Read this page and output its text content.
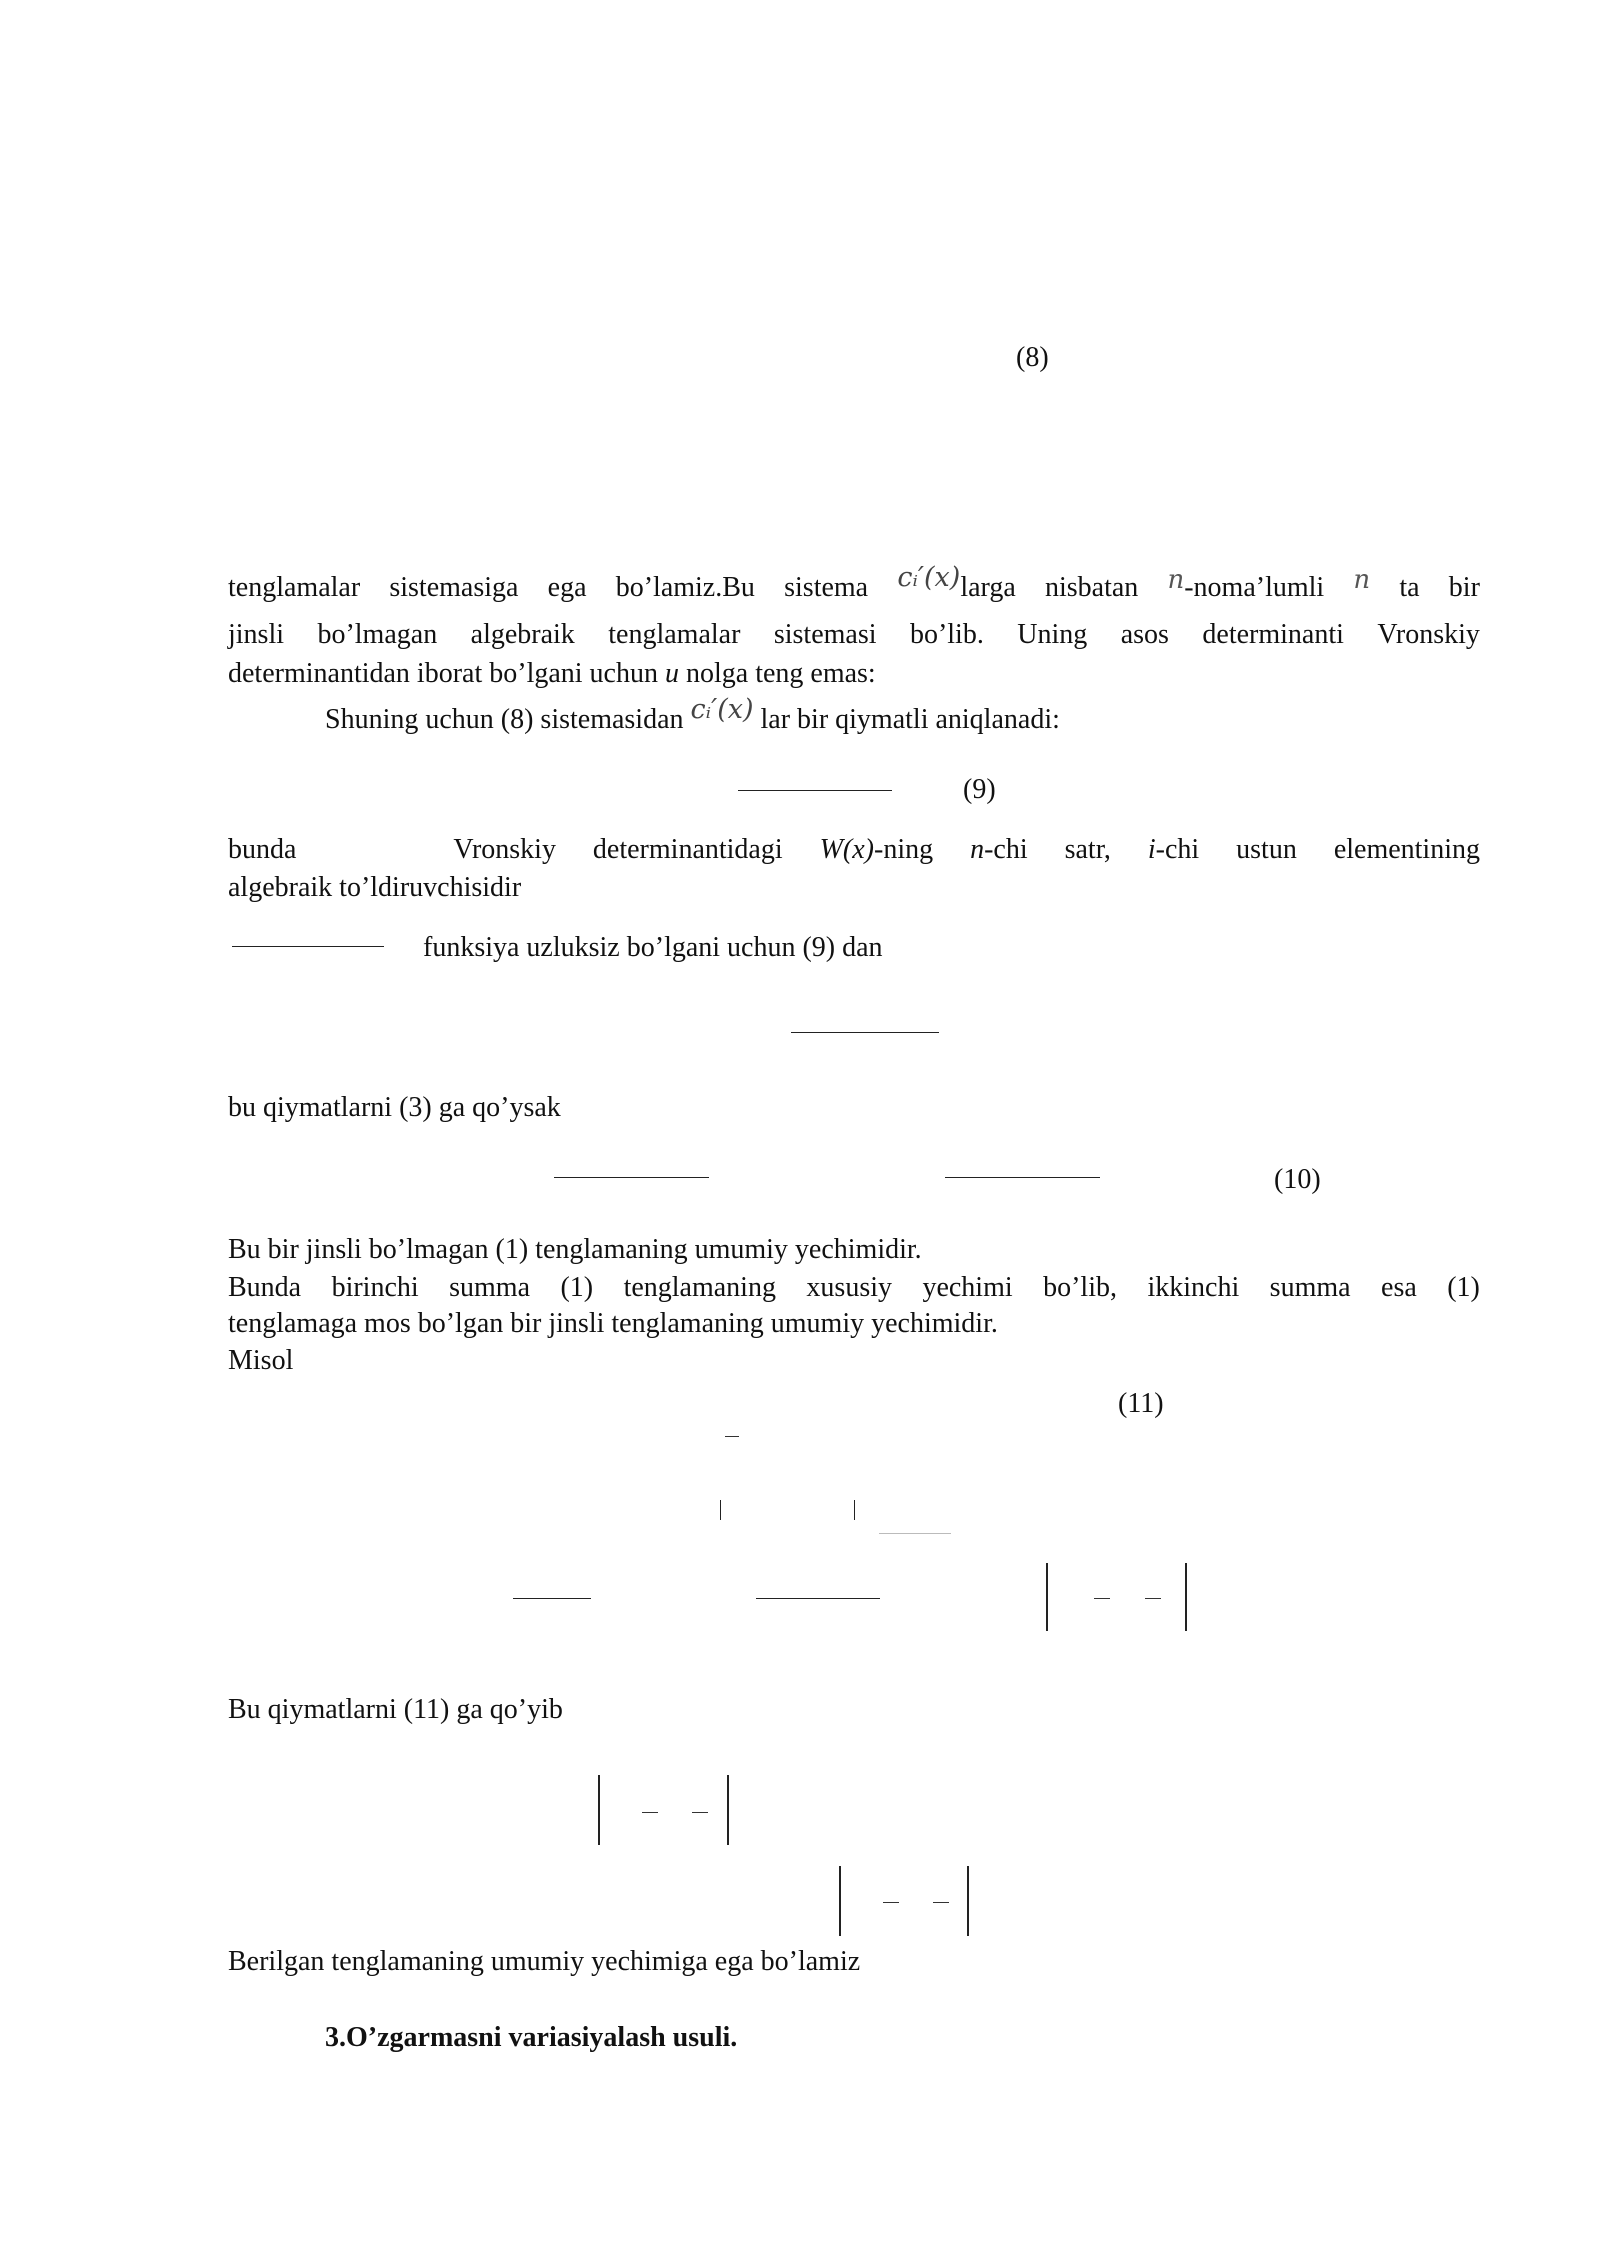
(8)
tenglamalar sistemasiga ega bo’lamiz.Bu sistema cᵢ′(x)larga nisbatan n-noma’lumli n ta bir
jinsli bo’lmagan algebraik tenglamalar sistemasi bo’lib. Uning asos determinanti Vronskiy
determinantidan iborat bo’lgani uchun u nolga teng emas:
Shuning uchun (8) sistemasidan cᵢ′(x) lar bir qiymatli aniqlanadi:
(9)
bunda	Vronskiy determinantidagi W(x)-ning n-chi satr, i-chi ustun elementining
algebraik to’ldiruvchisidir
funksiya uzluksiz bo’lgani uchun (9) dan
bu qiymatlarni (3) ga qo’ysak
(10)
Bu bir jinsli bo’lmagan (1) tenglamaning umumiy yechimidir.
Bunda birinchi summa (1) tenglamaning xususiy yechimi bo’lib, ikkinchi summa esa (1)
tenglamaga mos bo’lgan bir jinsli tenglamaning umumiy yechimidir.
Misol
(11)
Bu qiymatlarni (11) ga qo’yib
Berilgan tenglamaning umumiy yechimiga ega bo’lamiz
3.O’zgarmasni variasiyalash usuli.
